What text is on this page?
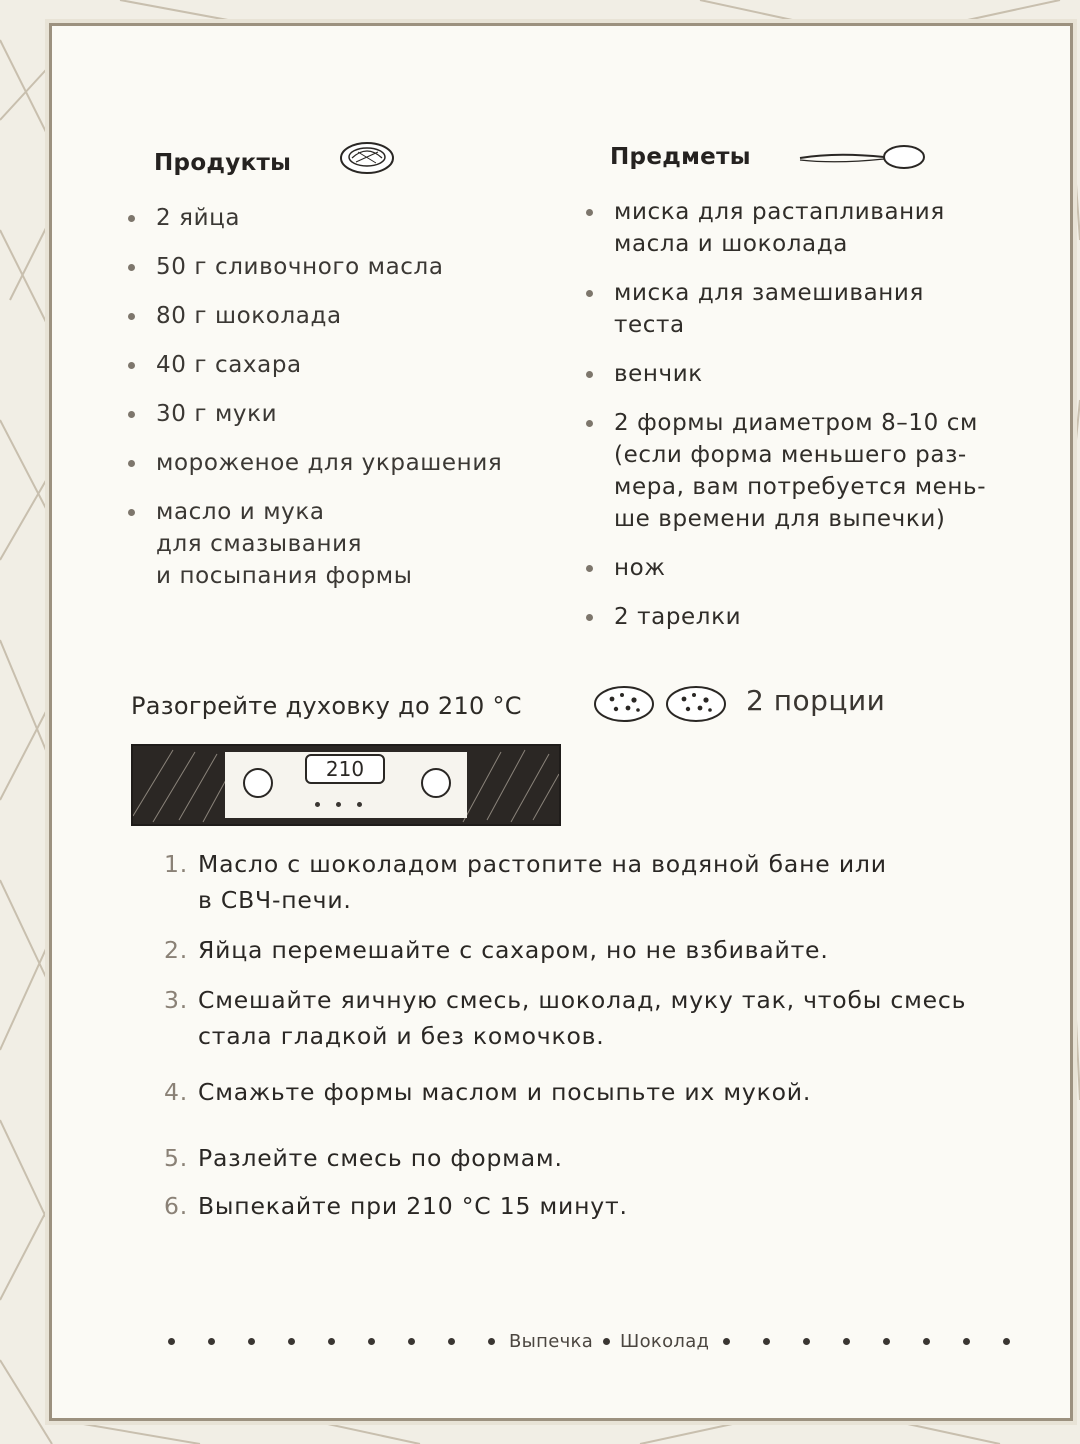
Продукты	Предметы
2 яйца
50 г сливочного масла
80 г шоколада
40 г сахара
30 г муки
мороженое для украшения
масло и мука
для смазывания
и посыпания формы
миска для растапливания
масла и шоколада
миска для замешивания
теста
венчик
2 формы диаметром 8–10 см
(если форма меньшего раз-
мера, вам потребуется мень-
ше времени для выпечки)
нож
2 тарелки
Разогрейте духовку до 210 °C
210
2 порции
1. Масло с шоколадом растопите на водяной бане или
в СВЧ-печи.
2. Яйца перемешайте с сахаром, но не взбивайте.
3. Смешайте яичную смесь, шоколад, муку так, чтобы смесь
стала гладкой и без комочков.
4. Смажьте формы маслом и посыпьте их мукой.
5. Разлейте смесь по формам.
6. Выпекайте при 210 °C 15 минут.
Выпечка Шоколад
